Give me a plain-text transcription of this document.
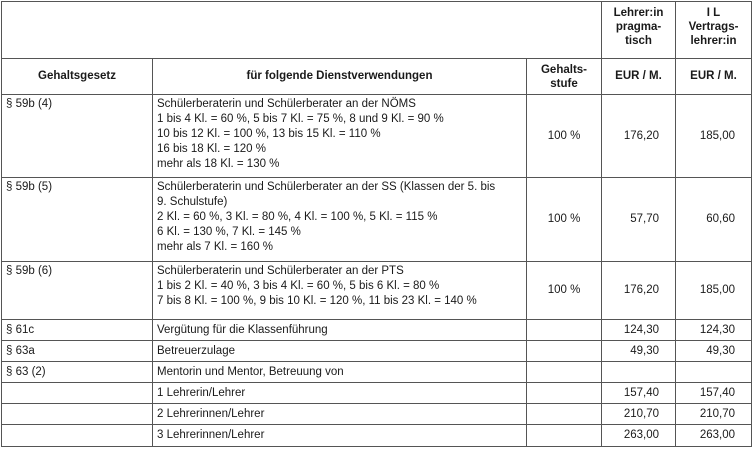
			Lehrer:in
pragma-
tisch	I L
Vertrags-
lehrer:in

Gehaltsgesetz	für folgende Dienstverwendungen	Gehalts-
stufe	EUR / M.	EUR / M.
§ 59b (4)	Schülerberaterin und Schülerberater an der NÖMS
1 bis 4 Kl. = 60 %, 5 bis 7 Kl. = 75 %, 8 und 9 Kl. = 90 %
10 bis 12 Kl. = 100 %, 13 bis 15 Kl. = 110 %
16 bis 18 Kl. = 120 %
mehr als 18 Kl. = 130 %	100 %	176,20	185,00
§ 59b (5)	Schülerberaterin und Schülerberater an der SS (Klassen der 5. bis
9. Schulstufe)
2 Kl. = 60 %, 3 Kl. = 80 %, 4 Kl. = 100 %, 5 Kl. = 115 %
6 Kl. = 130 %, 7 Kl. = 145 %
mehr als 7 Kl. = 160 %	100 %	57,70	60,60
§ 59b (6)	Schülerberaterin und Schülerberater an der PTS
1 bis 2 Kl. = 40 %, 3 bis 4 Kl. = 60 %, 5 bis 6 Kl. = 80 %
7 bis 8 Kl. = 100 %, 9 bis 10 Kl. = 120 %, 11 bis 23 Kl. = 140 %	100 %	176,20	185,00
§ 61c	Vergütung für die Klassenführung		124,30	124,30
§ 63a	Betreuerzulage		49,30	49,30
§ 63 (2)	Mentorin und Mentor, Betreuung von			

	1 Lehrerin/Lehrer		157,40	157,40

	2 Lehrerinnen/Lehrer		210,70	210,70

	3 Lehrerinnen/Lehrer		263,00	263,00
